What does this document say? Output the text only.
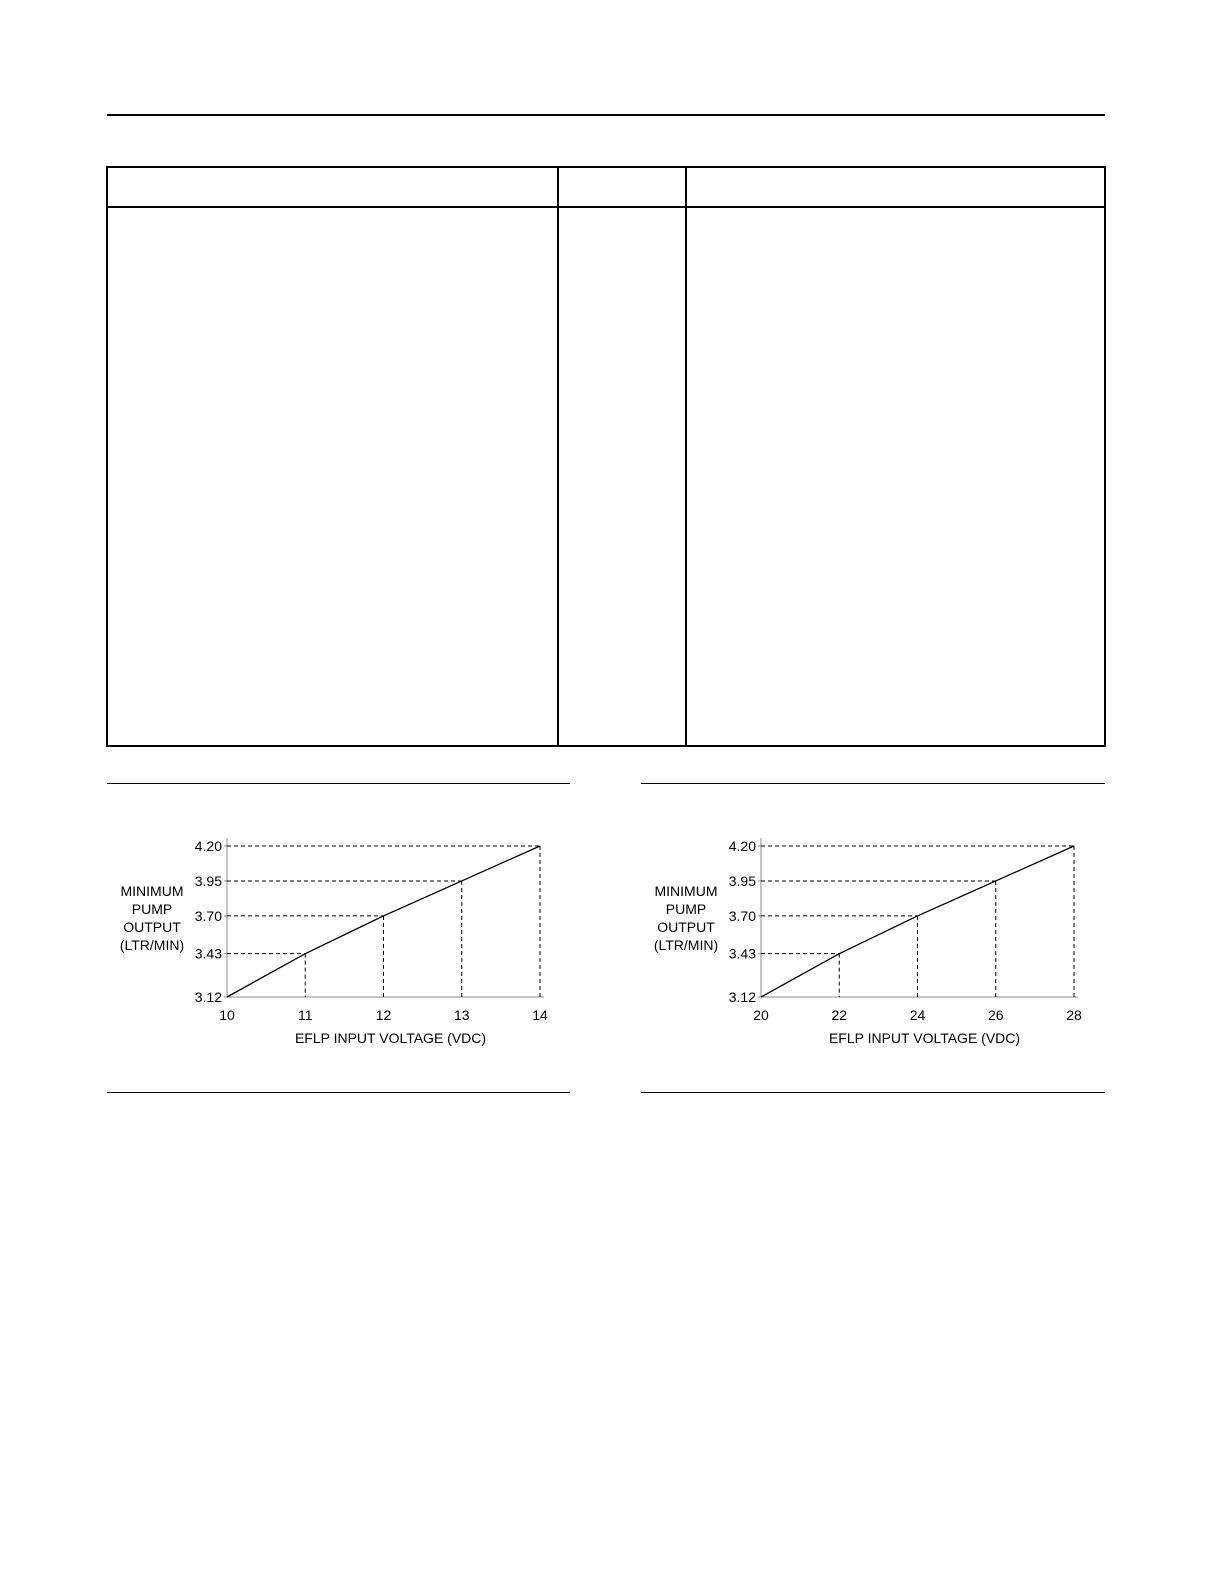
3.12
3.43
3.70
3.95
4.20
10	11	12	13	14
MINIMUM
PUMP
OUTPUT
(LTR/MIN)
EFLP INPUT VOLTAGE (VDC)
3.12
3.43
3.70
3.95
4.20
20	22	24	26	28
MINIMUM
PUMP
OUTPUT
(LTR/MIN)
EFLP INPUT VOLTAGE (VDC)
